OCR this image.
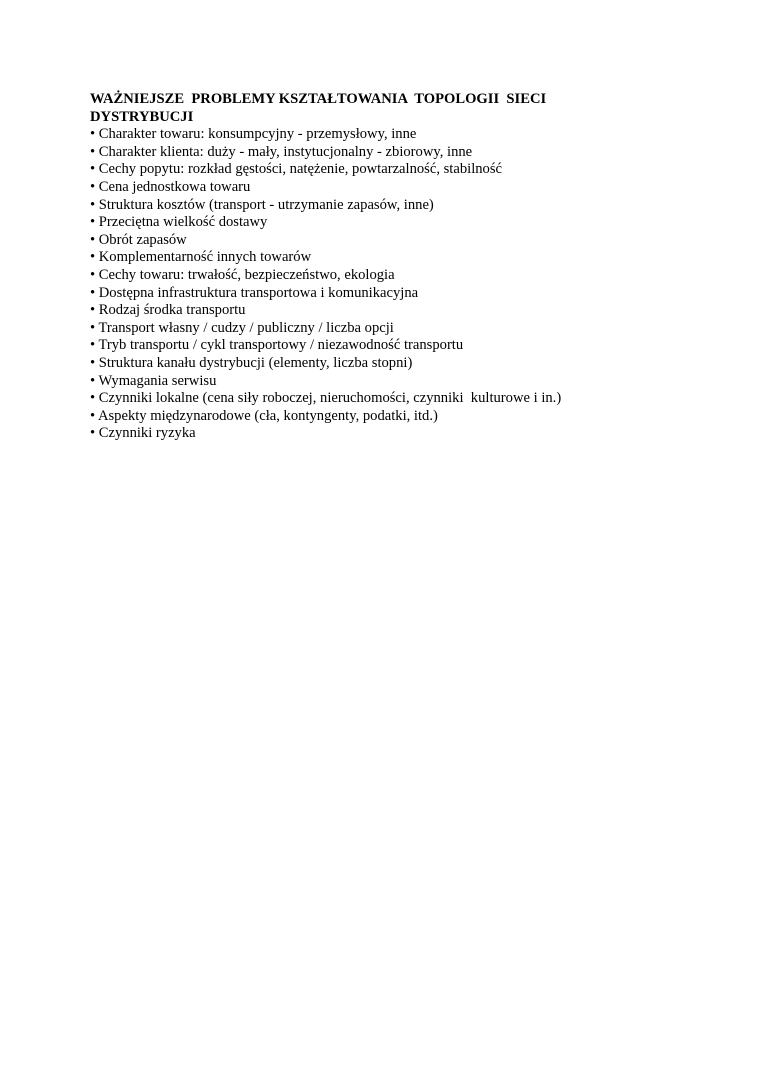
WAŻNIEJSZE  PROBLEMY KSZTAŁTOWANIA  TOPOLOGII  SIECI
DYSTRYBUCJI
• Charakter towaru: konsumpcyjny - przemysłowy, inne
• Charakter klienta: duży - mały, instytucjonalny - zbiorowy, inne
• Cechy popytu: rozkład gęstości, natężenie, powtarzalność, stabilność
• Cena jednostkowa towaru
• Struktura kosztów (transport - utrzymanie zapasów, inne)
• Przeciętna wielkość dostawy
• Obrót zapasów
• Komplementarność innych towarów
• Cechy towaru: trwałość, bezpieczeństwo, ekologia
• Dostępna infrastruktura transportowa i komunikacyjna
• Rodzaj środka transportu
• Transport własny / cudzy / publiczny / liczba opcji
• Tryb transportu / cykl transportowy / niezawodność transportu
• Struktura kanału dystrybucji (elementy, liczba stopni)
• Wymagania serwisu
• Czynniki lokalne (cena siły roboczej, nieruchomości, czynniki  kulturowe i in.)
• Aspekty międzynarodowe (cła, kontyngenty, podatki, itd.)
• Czynniki ryzyka
